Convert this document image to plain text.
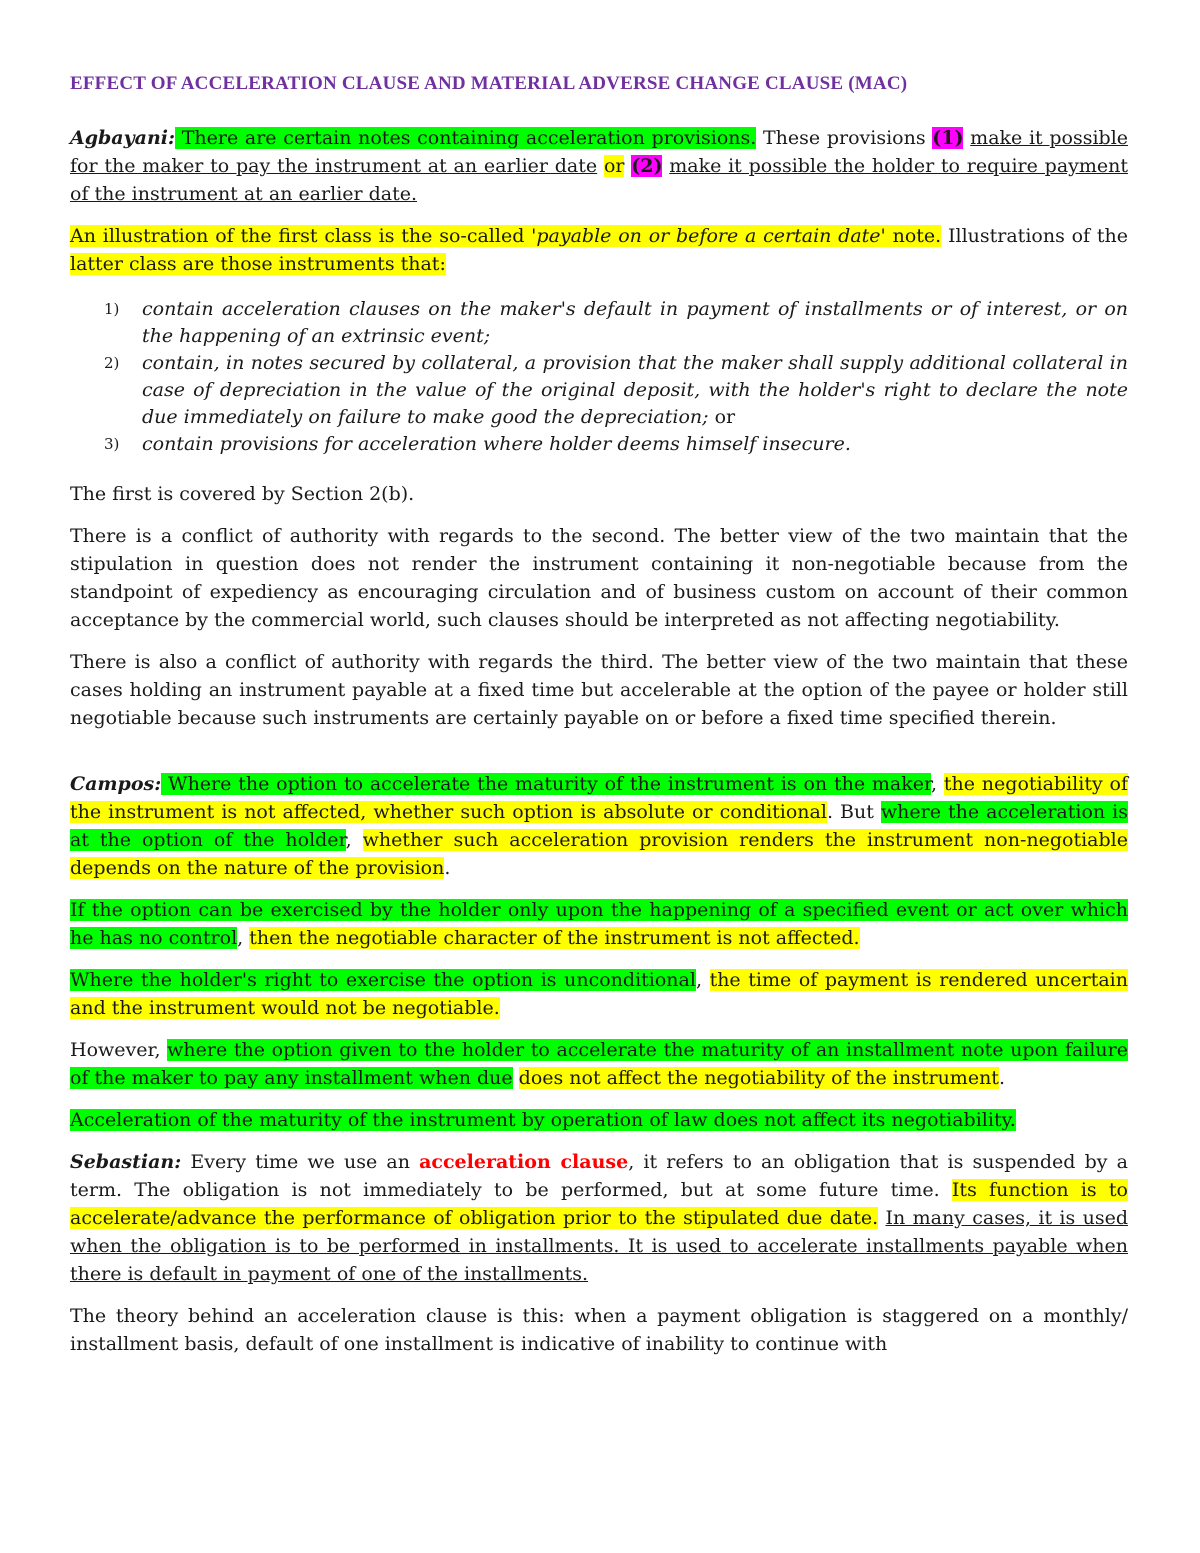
EFFECT OF ACCELERATION CLAUSE AND MATERIAL ADVERSE CHANGE CLAUSE (MAC)

Agbayani: There are certain notes containing acceleration provisions. These provisions (1) make it possible for the maker to pay the instrument at an earlier date or (2) make it possible the holder to require payment of the instrument at an earlier date.

An illustration of the first class is the so-called 'payable on or before a certain date' note. Illustrations of the latter class are those instruments that:

1) contain acceleration clauses on the maker's default in payment of installments or of interest, or on the happening of an extrinsic event;
2) contain, in notes secured by collateral, a provision that the maker shall supply additional collateral in case of depreciation in the value of the original deposit, with the holder's right to declare the note due immediately on failure to make good the depreciation; or
3) contain provisions for acceleration where holder deems himself insecure.

The first is covered by Section 2(b).

There is a conflict of authority with regards to the second. The better view of the two maintain that the stipulation in question does not render the instrument containing it non-negotiable because from the standpoint of expediency as encouraging circulation and of business custom on account of their common acceptance by the commercial world, such clauses should be interpreted as not affecting negotiability.

There is also a conflict of authority with regards the third. The better view of the two maintain that these cases holding an instrument payable at a fixed time but accelerable at the option of the payee or holder still negotiable because such instruments are certainly payable on or before a fixed time specified therein.

Campos: Where the option to accelerate the maturity of the instrument is on the maker, the negotiability of the instrument is not affected, whether such option is absolute or conditional. But where the acceleration is at the option of the holder, whether such acceleration provision renders the instrument non-negotiable depends on the nature of the provision.

If the option can be exercised by the holder only upon the happening of a specified event or act over which he has no control, then the negotiable character of the instrument is not affected.

Where the holder's right to exercise the option is unconditional, the time of payment is rendered uncertain and the instrument would not be negotiable.

However, where the option given to the holder to accelerate the maturity of an installment note upon failure of the maker to pay any installment when due does not affect the negotiability of the instrument.

Acceleration of the maturity of the instrument by operation of law does not affect its negotiability.

Sebastian: Every time we use an acceleration clause, it refers to an obligation that is suspended by a term. The obligation is not immediately to be performed, but at some future time. Its function is to accelerate/advance the performance of obligation prior to the stipulated due date. In many cases, it is used when the obligation is to be performed in installments. It is used to accelerate installments payable when there is default in payment of one of the installments.

The theory behind an acceleration clause is this: when a payment obligation is staggered on a monthly/ installment basis, default of one installment is indicative of inability to continue with
